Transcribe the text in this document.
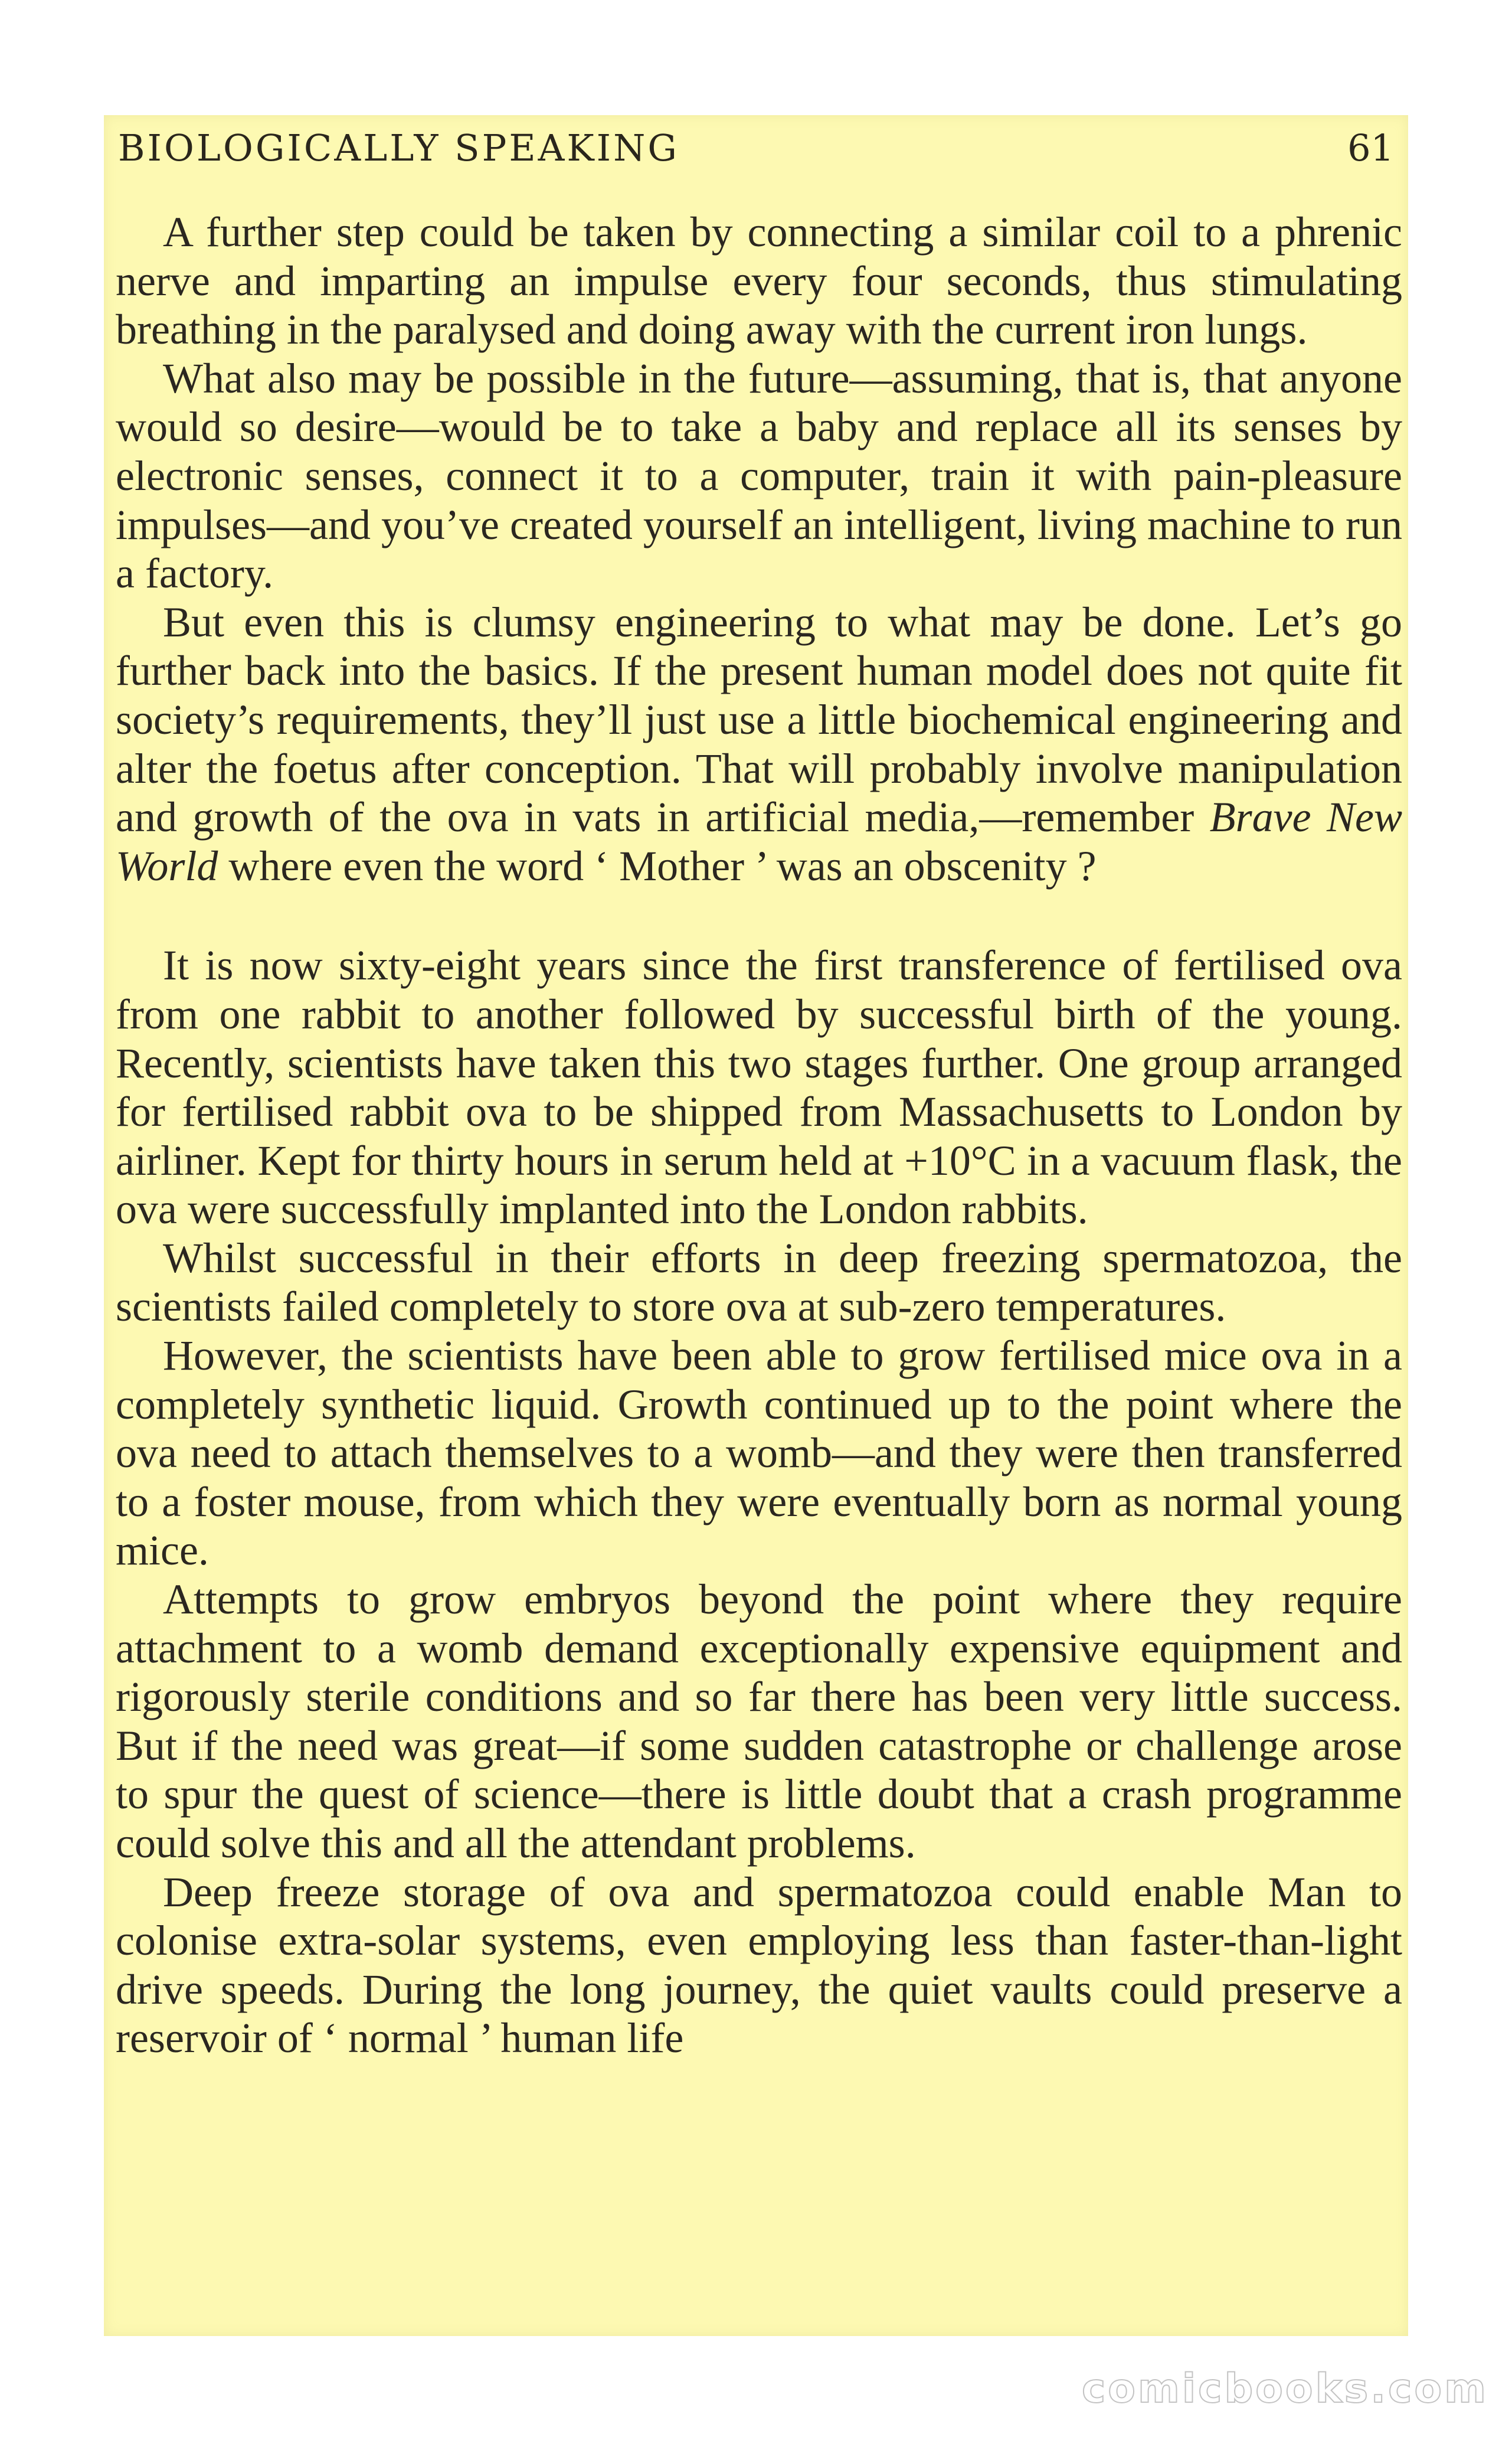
BIOLOGICALLY SPEAKING	61

A further step could be taken by connecting a similar coil to a phrenic nerve and imparting an impulse every four seconds, thus stimulating breathing in the paralysed and doing away with the current iron lungs.

What also may be possible in the future—assuming, that is, that anyone would so desire—would be to take a baby and replace all its senses by electronic senses, connect it to a computer, train it with pain-pleasure impulses—and you’ve created yourself an intelligent, living machine to run a factory.

But even this is clumsy engineering to what may be done. Let’s go further back into the basics. If the present human model does not quite fit society’s requirements, they’ll just use a little biochemical engineering and alter the foetus after conception. That will probably involve manipulation and growth of the ova in vats in artificial media,—remember Brave New World where even the word ‘ Mother ’ was an obscenity ?

It is now sixty-eight years since the first transference of fertilised ova from one rabbit to another followed by successful birth of the young. Recently, scientists have taken this two stages further. One group arranged for fertilised rabbit ova to be shipped from Massachusetts to London by airliner. Kept for thirty hours in serum held at +10°C in a vacuum flask, the ova were successfully implanted into the London rabbits.

Whilst successful in their efforts in deep freezing spermatozoa, the scientists failed completely to store ova at sub-zero temperatures.

However, the scientists have been able to grow fertilised mice ova in a completely synthetic liquid. Growth continued up to the point where the ova need to attach themselves to a womb—and they were then transferred to a foster mouse, from which they were eventually born as normal young mice.

Attempts to grow embryos beyond the point where they require attachment to a womb demand exceptionally expensive equipment and rigorously sterile conditions and so far there has been very little success. But if the need was great—if some sudden catastrophe or challenge arose to spur the quest of science—there is little doubt that a crash programme could solve this and all the attendant problems.

Deep freeze storage of ova and spermatozoa could enable Man to colonise extra-solar systems, even employing less than faster-than-light drive speeds. During the long journey, the quiet vaults could preserve a reservoir of ‘ normal ’ human life

comicbooks.com
